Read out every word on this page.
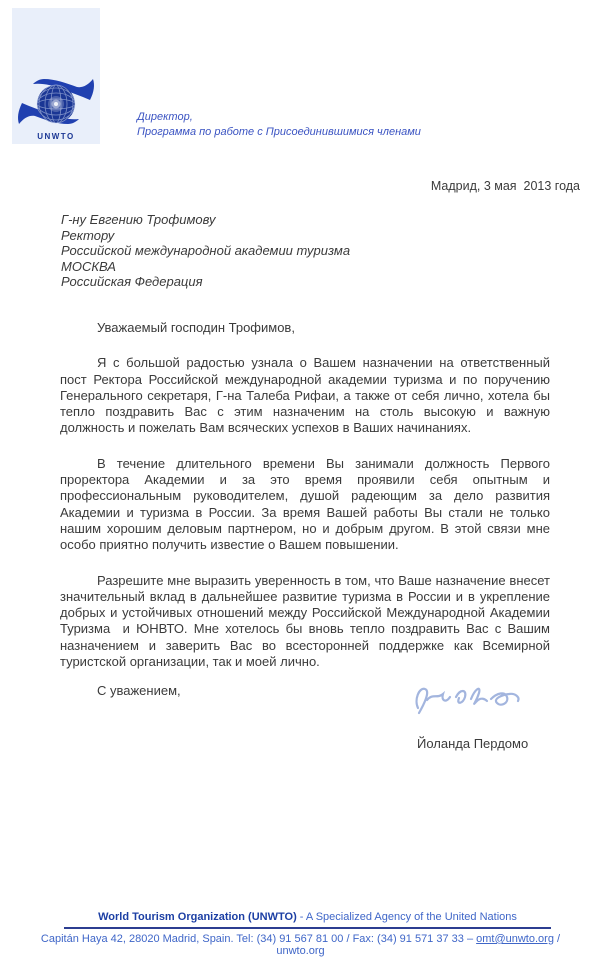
UNWTO
Директор,
Программа по работе с Присоединившимися членами
Мадрид, 3 мая  2013 года
Г-ну Евгению Трофимову
Ректору
Российской международной академии туризма
МОСКВА
Российская Федерация
Уважаемый господин Трофимов,

Я с большой радостью узнала о Вашем назначении на ответственный пост Ректора Российской международной академии туризма и по поручению Генерального секретаря, Г-на Талеба Рифаи, а также от себя лично, хотела бы тепло поздравить Вас с этим назначеним на столь высокую и важную должность и пожелать Вам всяческих успехов в Ваших начинаниях.

В течение длительного времени Вы занимали должность Первого проректора Академии и за это время проявили себя опытным и профессиональным руководителем, душой радеющим за дело развития Академии и туризма в России. За время Вашей работы Вы стали не только нашим хорошим деловым партнером, но и добрым другом. В этой связи мне особо приятно получить известие о Вашем повышении.

Разрешите мне выразить уверенность в том, что Ваше назначение внесет значительный вклад в дальнейшее развитие туризма в России и в укрепление добрых и устойчивых отношений между Российской Международной Академии Туризма  и ЮНВТО. Мне хотелось бы вновь тепло поздравить Вас с Вашим назначением и заверить Вас во всесторонней поддержке как Всемирной туристской организации, так и моей лично.

С уважением,
Йоланда Пердомо
World Tourism Organization (UNWTO) - A Specialized Agency of the United Nations
Capitán Haya 42, 28020 Madrid, Spain. Tel: (34) 91 567 81 00 / Fax: (34) 91 571 37 33 – omt@unwto.org / unwto.org
